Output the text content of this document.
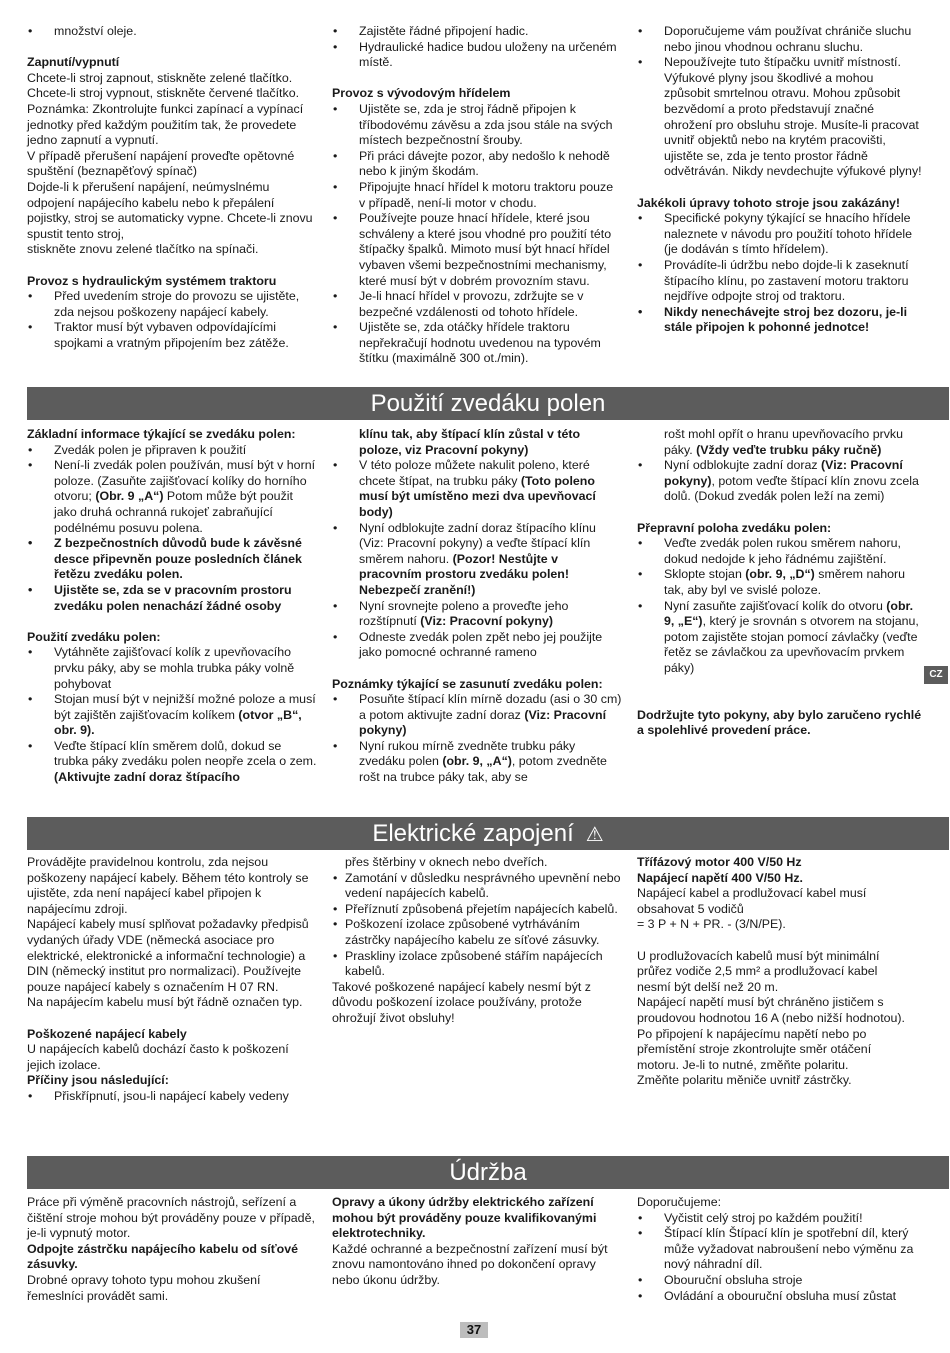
• množství oleje.

Zapnutí/vypnutí

Chcete-li stroj zapnout, stiskněte zelené tlačítko. Chcete-li stroj vypnout, stiskněte červené tlačítko.

Poznámka: Zkontrolujte funkci zapínací a vypínací jednotky před každým použitím tak, že provedete jedno zapnutí a vypnutí.

V případě přerušení napájení proveďte opětovné spuštění (beznapěťový spínač)

Dojde-li k přerušení napájení, neúmyslnému odpojení napájecího kabelu nebo k přepálení pojistky, stroj se automaticky vypne. Chcete-li znovu spustit tento stroj,

stiskněte znovu zelené tlačítko na spínači.

Provoz s hydraulickým systémem traktoru

• Před uvedením stroje do provozu se ujistěte, zda nejsou poškozeny napájecí kabely.
• Traktor musí být vybaven odpovídajícími spojkami a vratným připojením bez zátěže.
• Zajistěte řádné připojení hadic.
• Hydraulické hadice budou uloženy na určeném místě.

Provoz s vývodovým hřídelem

• Ujistěte se, zda je stroj řádně připojen k tříbodovému závěsu a zda jsou stále na svých místech bezpečnostní šrouby.
• Při práci dávejte pozor, aby nedošlo k nehodě nebo k jiným škodám.
• Připojujte hnací hřídel k motoru traktoru pouze v případě, není-li motor v chodu.
• Používejte pouze hnací hřídele, které jsou schváleny a které jsou vhodné pro použití této štípačky špalků. Mimoto musí být hnací hřídel vybaven všemi bezpečnostními mechanismy, které musí být v dobrém provozním stavu.
• Je-li hnací hřídel v provozu, zdržujte se v bezpečné vzdálenosti od tohoto hřídele.
• Ujistěte se, zda otáčky hřídele traktoru nepřekračují hodnotu uvedenou na typovém štítku (maximálně 300 ot./min).
• Doporučujeme vám používat chrániče sluchu nebo jinou vhodnou ochranu sluchu.
• Nepoužívejte tuto štípačku uvnitř místností. Výfukové plyny jsou škodlivé a mohou způsobit smrtelnou otravu. Mohou způsobit bezvědomí a proto představují značné ohrožení pro obsluhu stroje. Musíte-li pracovat uvnitř objektů nebo na krytém pracovišti, ujistěte se, zda je tento prostor řádně odvětráván. Nikdy nevdechujte výfukové plyny!

Jakékoli úpravy tohoto stroje jsou zakázány!

• Specifické pokyny týkající se hnacího hřídele naleznete v návodu pro použití tohoto hřídele (je dodáván s tímto hřídelem).
• Provádíte-li údržbu nebo dojde-li k zaseknutí štípacího klínu, po zastavení motoru traktoru nejdříve odpojte stroj od traktoru.
• Nikdy nenechávejte stroj bez dozoru, je-li stále připojen k pohonné jednotce!
Použití zvedáku polen

Základní informace týkající se zvedáku polen:

• Zvedák polen je připraven k použití
• Není-li zvedák polen používán, musí být v horní poloze. (Zasuňte zajišťovací kolíky do horního otvoru; (Obr. 9 „A“) Potom může být použit jako druhá ochranná rukojeť zabraňující podélnému posuvu polena.
• Z bezpečnostních důvodů bude k závěsné desce připevněn pouze posledních článek řetězu zvedáku polen.
• Ujistěte se, zda se v pracovním prostoru zvedáku polen nenachází žádné osoby

Použití zvedáku polen:

• Vytáhněte zajišťovací kolík z upevňovacího prvku páky, aby se mohla trubka páky volně pohybovat
• Stojan musí být v nejnižší možné poloze a musí být zajištěn zajišťovacím kolíkem (otvor „B“, obr. 9).
• Veďte štípací klín směrem dolů, dokud se trubka páky zvedáku polen neopře zcela o zem. (Aktivujte zadní doraz štípacího

klínu tak, aby štípací klín zůstal v této poloze, viz Pracovní pokyny)

• V této poloze můžete nakulit poleno, které chcete štípat, na trubku páky (Toto poleno musí být umístěno mezi dva upevňovací body)
• Nyní odblokujte zadní doraz štípacího klínu (Viz: Pracovní pokyny) a veďte štípací klín směrem nahoru. (Pozor! Nestůjte v pracovním prostoru zvedáku polen! Nebezpečí zranění!)
• Nyní srovnejte poleno a proveďte jeho rozštípnutí (Viz: Pracovní pokyny)
• Odneste zvedák polen zpět nebo jej použijte jako pomocné ochranné rameno

Poznámky týkající se zasunutí zvedáku polen:

• Posuňte štípací klín mírně dozadu (asi o 30 cm) a potom aktivujte zadní doraz (Viz: Pracovní pokyny)
• Nyní rukou mírně zvedněte trubku páky zvedáku polen (obr. 9, „A“), potom zvedněte rošt na trubce páky tak, aby se

rošt mohl opřít o hranu upevňovacího prvku páky. (Vždy veďte trubku páky ručně)

• Nyní odblokujte zadní doraz (Viz: Pracovní pokyny), potom veďte štípací klín znovu zcela dolů. (Dokud zvedák polen leží na zemi)

Přepravní poloha zvedáku polen:

• Veďte zvedák polen rukou směrem nahoru, dokud nedojde k jeho řádnému zajištění.
• Sklopte stojan (obr. 9, „D“) směrem nahoru tak, aby byl ve svislé poloze.
• Nyní zasuňte zajišťovací kolík do otvoru (obr. 9, „E“), který je srovnán s otvorem na stojanu, potom zajistěte stojan pomocí závlačky (veďte řetěz se závlačkou za upevňovacím prvkem páky)

Dodržujte tyto pokyny, aby bylo zaručeno rychlé a spolehlivé provedení práce.

CZ
Elektrické zapojení ⚠

Provádějte pravidelnou kontrolu, zda nejsou poškozeny napájecí kabely. Během této kontroly se ujistěte, zda není napájecí kabel připojen k napájecímu zdroji.

Napájecí kabely musí splňovat požadavky předpisů vydaných úřady VDE (německá asociace pro elektrické, elektronické a informační technologie) a DIN (německý institut pro normalizaci). Používejte pouze napájecí kabely s označením H 07 RN.

Na napájecím kabelu musí být řádně označen typ.

Poškozené napájecí kabely

U napájecích kabelů dochází často k poškození jejich izolace.

Příčiny jsou následující:

• Přiskřípnutí, jsou-li napájecí kabely vedeny

přes štěrbiny v oknech nebo dveřích.

• Zamotání v důsledku nesprávného upevnění nebo vedení napájecích kabelů.
• Přeříznutí způsobená přejetím napájecích kabelů.
• Poškození izolace způsobené vytrháváním zástrčky napájecího kabelu ze síťové zásuvky.
• Praskliny izolace způsobené stářím napájecích kabelů.

Takové poškozené napájecí kabely nesmí být z důvodu poškození izolace používány, protože ohrožují život obsluhy!

Třífázový motor 400 V/50 Hz

Napájecí napětí 400 V/50 Hz.

Napájecí kabel a prodlužovací kabel musí obsahovat 5 vodičů

= 3 P + N + PR. - (3/N/PE).

U prodlužovacích kabelů musí být minimální průřez vodiče 2,5 mm² a prodlužovací kabel nesmí být delší než 20 m.

Napájecí napětí musí být chráněno jističem s proudovou hodnotou 16 A (nebo nižší hodnotou).

Po připojení k napájecímu napětí nebo po přemístění stroje zkontrolujte směr otáčení motoru. Je-li to nutné, změňte polaritu.

Změňte polaritu měniče uvnitř zástrčky.

Údržba

Práce při výměně pracovních nástrojů, seřízení a čištění stroje mohou být prováděny pouze v případě, je-li vypnutý motor.

Odpojte zástrčku napájecího kabelu od síťové zásuvky.

Drobné opravy tohoto typu mohou zkušení řemeslníci provádět sami.

Opravy a úkony údržby elektrického zařízení mohou být prováděny pouze kvalifikovanými elektrotechniky.

Každé ochranné a bezpečnostní zařízení musí být znovu namontováno ihned po dokončení opravy nebo úkonu údržby.

Doporučujeme:

• Vyčistit celý stroj po každém použití!
• Štípací klín Štípací klín je spotřební díl, který může vyžadovat nabroušení nebo výměnu za nový náhradní díl.
• Obouruční obsluha stroje
• Ovládání a obouruční obsluha musí zůstat
37
